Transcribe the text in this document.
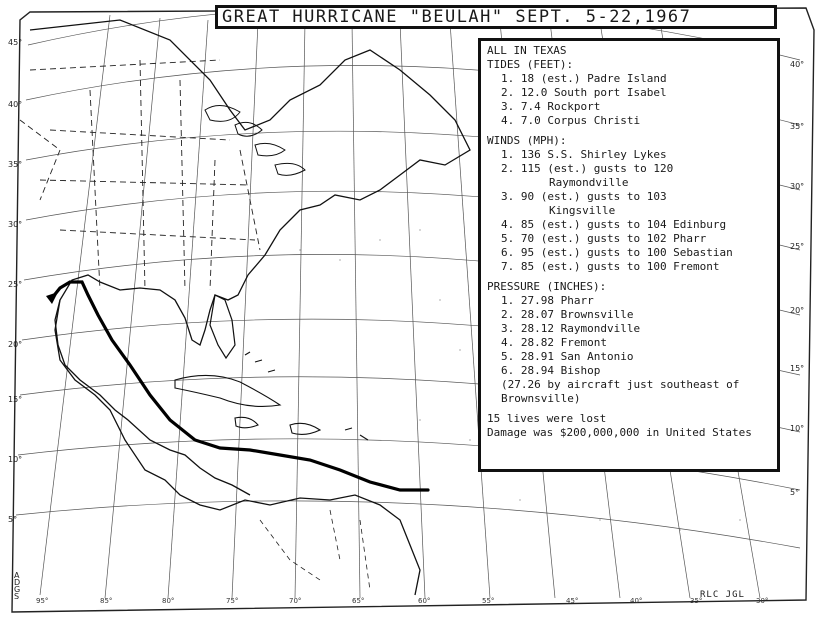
45°
40°
35°
30°
25°
20°
15°
10°
5°
40°
35°
30°
25°
20°
15°
10°
5°
95°	85°	80°	75°	70°	65°	60°	55°	45°	40°	35°	30°
A D G S	RLC JGL
GREAT HURRICANE "BEULAH" SEPT. 5-22,1967
ALL IN TEXAS
TIDES (FEET):
1. 18 (est.) Padre Island
2. 12.0 South port Isabel
3. 7.4 Rockport
4. 7.0 Corpus Christi
WINDS (MPH):
1. 136 S.S. Shirley Lykes
2. 115 (est.) gusts to 120
Raymondville
3. 90 (est.) gusts to 103
Kingsville
4. 85 (est.) gusts to 104 Edinburg
5. 70 (est.) gusts to 102 Pharr
6. 95 (est.) gusts to 100 Sebastian
7. 85 (est.) gusts to 100 Fremont
PRESSURE (INCHES):
1. 27.98 Pharr
2. 28.07 Brownsville
3. 28.12 Raymondville
4. 28.82 Fremont
5. 28.91 San Antonio
6. 28.94 Bishop
(27.26 by aircraft just southeast of
Brownsville)
15 lives were lost
Damage was $200,000,000 in United States
